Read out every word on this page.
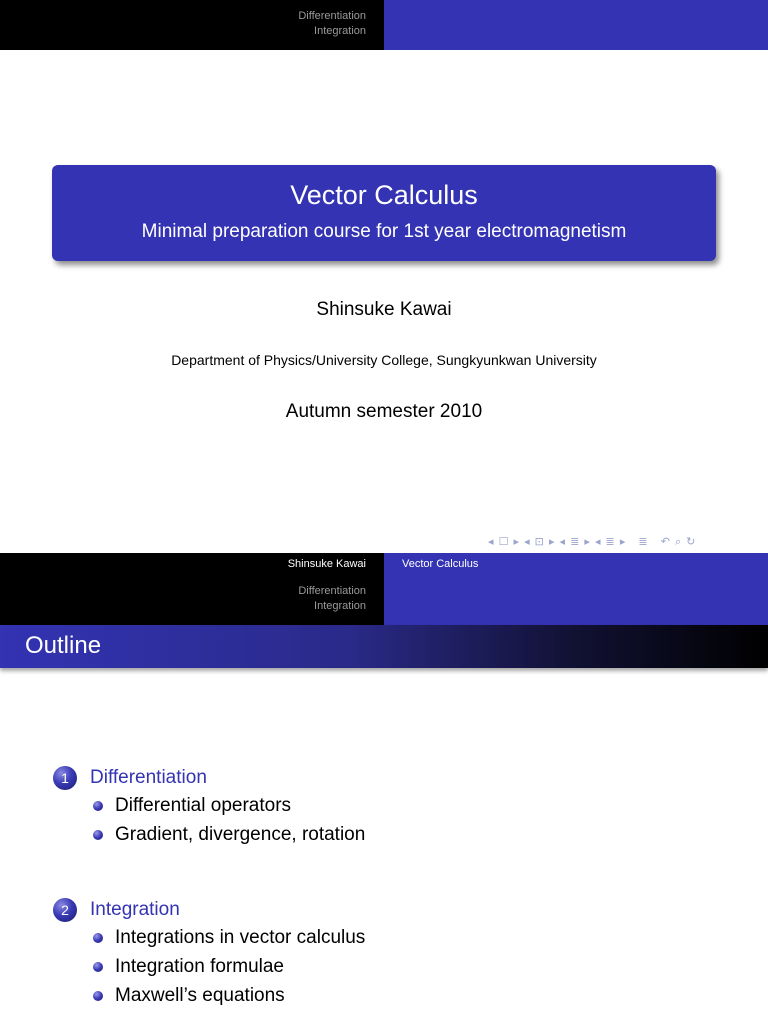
Differentiation
Integration
Vector Calculus
Minimal preparation course for 1st year electromagnetism
Shinsuke Kawai
Department of Physics/University College, Sungkyunkwan University
Autumn semester 2010
◂ ☐ ▸ ◂ ⊡ ▸ ◂ ≣ ▸ ◂ ≣ ▸ ≣ ↶ ⌕ ↻
Shinsuke Kawai	Vector Calculus
Differentiation
Integration
Outline
1	Differentiation
Differential operators
Gradient, divergence, rotation
2	Integration
Integrations in vector calculus
Integration formulae
Maxwell’s equations
